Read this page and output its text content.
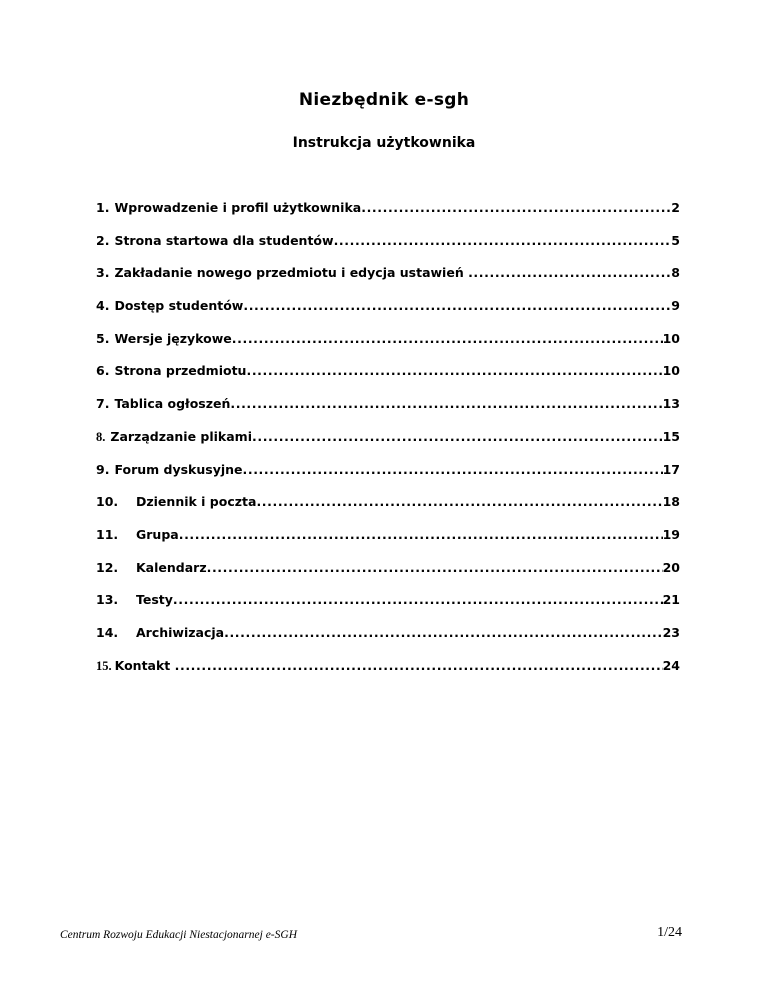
Niezbędnik e-sgh
Instrukcja użytkownika
1. Wprowadzenie i profil użytkownika .....	2
2. Strona startowa dla studentów .....	5
3. Zakładanie nowego przedmiotu i edycja ustawień .....	8
4. Dostęp studentów .....	9
5. Wersje językowe .....	10
6. Strona przedmiotu .....	10
7. Tablica ogłoszeń .....	13
8. Zarządzanie plikami .....	15
9. Forum dyskusyjne .....	17
10.	Dziennik i poczta .....	18
11.	Grupa .....	19
12.	Kalendarz .....	20
13.	Testy .....	21
14.	Archiwizacja .....	23
15. Kontakt .....	24
Centrum Rozwoju Edukacji Niestacjonarnej e-SGH	1/24
